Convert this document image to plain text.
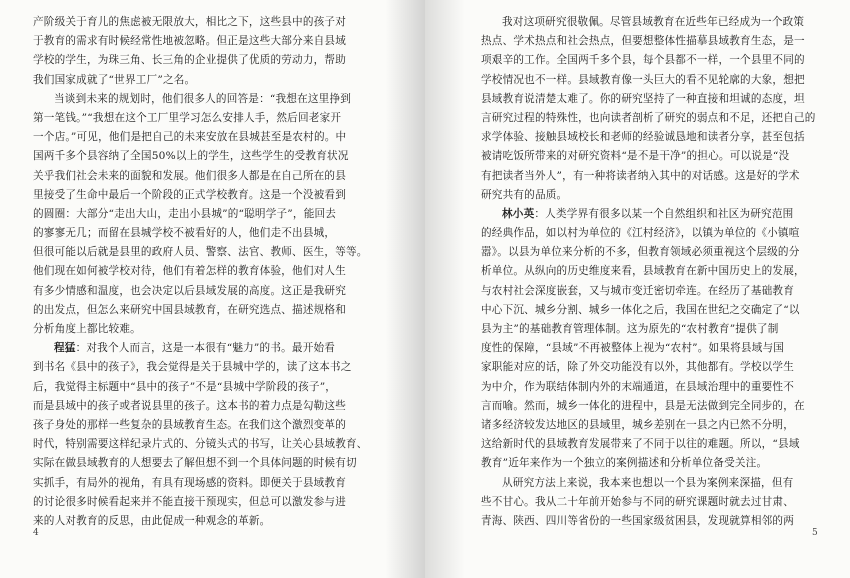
产阶级关于育儿的焦虑被无限放大，相比之下，这些县中的孩子对
于教育的需求有时候经常性地被忽略。但正是这些大部分来自县域
学校的学生，为珠三角、长三角的企业提供了优质的劳动力，帮助
我们国家成就了“世界工厂”之名。
当谈到未来的规划时，他们很多人的回答是：“我想在这里挣到
第一笔钱。”“我想在这个工厂里学习怎么安排人手，然后回老家开
一个店。”可见，他们是把自己的未来安放在县城甚至是农村的。中
国两千多个县容纳了全国50%以上的学生，这些学生的受教育状况
关乎我们社会未来的面貌和发展。他们很多人都是在自己所在的县
里接受了生命中最后一个阶段的正式学校教育。这是一个没被看到
的圆圈：大部分“走出大山，走出小县城”的“聪明学子”，能回去
的寥寥无几；而留在县城学校不被看好的人，他们走不出县城，
但很可能以后就是县里的政府人员、警察、法官、教师、医生，等等。
他们现在如何被学校对待，他们有着怎样的教育体验，他们对人生
有多少情感和温度，也会决定以后县域发展的高度。这正是我研究
的出发点，但怎么来研究中国县域教育，在研究选点、描述规格和
分析角度上都比较难。
程猛：对我个人而言，这是一本很有“魅力”的书。最开始看
到书名《县中的孩子》，我会觉得是关于县城中学的，读了这本书之
后，我觉得主标题中“县中的孩子”不是“县城中学阶段的孩子”，
而是县域中的孩子或者说县里的孩子。这本书的着力点是勾勒这些
孩子身处的那样一些复杂的县域教育生态。在我们这个激烈变革的
时代，特别需要这样纪录片式的、分镜头式的书写，让关心县域教育、
实际在做县域教育的人想要去了解但想不到一个具体问题的时候有切
实抓手，有局外的视角，有具有现场感的资料。即便关于县域教育
的讨论很多时候看起来并不能直接干预现实，但总可以激发参与进
来的人对教育的反思，由此促成一种观念的革新。
4	5
我对这项研究很敬佩。尽管县域教育在近些年已经成为一个政策
热点、学术热点和社会热点，但要想整体性描摹县域教育生态，是一
项艰辛的工作。全国两千多个县，每个县都不一样，一个县里不同的
学校情况也不一样。县域教育像一头巨大的看不见轮廓的大象，想把
县域教育说清楚太难了。你的研究坚持了一种直接和坦诚的态度，坦
言研究过程的特殊性，也向读者剖析了研究的弱点和不足，还把自己的
求学体验、接触县域校长和老师的经验诚恳地和读者分享，甚至包括
被请吃饭所带来的对研究资料“是不是干净”的担心。可以说是“没
有把读者当外人”，有一种将读者纳入其中的对话感。这是好的学术
研究共有的品质。
林小英：人类学界有很多以某一个自然组织和社区为研究范围
的经典作品，如以村为单位的《江村经济》，以镇为单位的《小镇喧
嚣》。以县为单位来分析的不多，但教育领域必须重视这个层级的分
析单位。从纵向的历史维度来看，县域教育在新中国历史上的发展，
与农村社会深度嵌套，又与城市变迁密切牵连。在经历了基础教育
中心下沉、城乡分割、城乡一体化之后，我国在世纪之交确定了“以
县为主”的基础教育管理体制。这为原先的“农村教育”提供了制
度性的保障，“县域”不再被整体上视为“农村”。如果将县域与国
家职能对应的话，除了外交功能没有以外，其他都有。学校以学生
为中介，作为联结体制内外的末端通道，在县域治理中的重要性不
言而喻。然而，城乡一体化的进程中，县是无法做到完全同步的，在
诸多经济较发达地区的县域里，城乡差别在一县之内已然不分明，
这给新时代的县域教育发展带来了不同于以往的难题。所以，“县域
教育”近年来作为一个独立的案例描述和分析单位备受关注。
从研究方法上来说，我本来也想以一个县为案例来深描，但有
些不甘心。我从二十年前开始参与不同的研究课题时就去过甘肃、
青海、陕西、四川等省份的一些国家级贫困县，发现就算相邻的两
